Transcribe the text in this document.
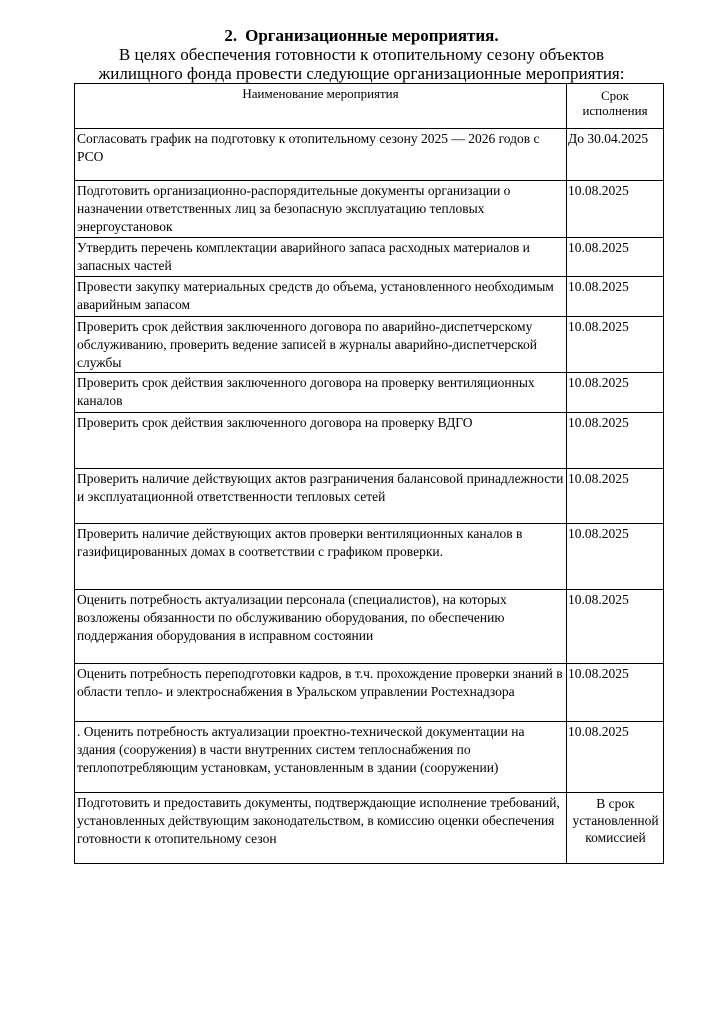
2. Организационные мероприятия.
В целях обеспечения готовности к отопительному сезону объектов
жилищного фонда провести следующие организационные мероприятия:
Наименование мероприятия	Срок исполнения
Согласовать график на подготовку к отопительному сезону 2025 — 2026 годов с РСО	До 30.04.2025
Подготовить организационно-распорядительные документы организации о назначении ответственных лиц за безопасную эксплуатацию тепловых энергоустановок	10.08.2025
Утвердить перечень комплектации аварийного запаса расходных материалов и запасных частей	10.08.2025
Провести закупку материальных средств до объема, установленного необходимым аварийным запасом	10.08.2025
Проверить срок действия заключенного договора по аварийно-диспетчерскому обслуживанию, проверить ведение записей в журналы аварийно-диспетчерской службы	10.08.2025
Проверить срок действия заключенного договора на проверку вентиляционных каналов	10.08.2025
Проверить срок действия заключенного договора на проверку ВДГО	10.08.2025
Проверить наличие действующих актов разграничения балансовой принадлежности и эксплуатационной ответственности тепловых сетей	10.08.2025
Проверить наличие действующих актов проверки вентиляционных каналов в газифицированных домах в соответствии с графиком проверки.	10.08.2025
Оценить потребность актуализации персонала (специалистов), на которых возложены обязанности по обслуживанию оборудования, по обеспечению поддержания оборудования в исправном состоянии	10.08.2025
Оценить потребность переподготовки кадров, в т.ч. прохождение проверки знаний в области тепло- и электроснабжения в Уральском управлении Ростехнадзора	10.08.2025
. Оценить потребность актуализации проектно-технической документации на здания (сооружения) в части внутренних систем теплоснабжения по теплопотребляющим установкам, установленным в здании (сооружении)	10.08.2025
Подготовить и предоставить документы, подтверждающие исполнение требований, установленных действующим законодательством, в комиссию оценки обеспечения готовности к отопительному сезон	В срок установленной комиссией
